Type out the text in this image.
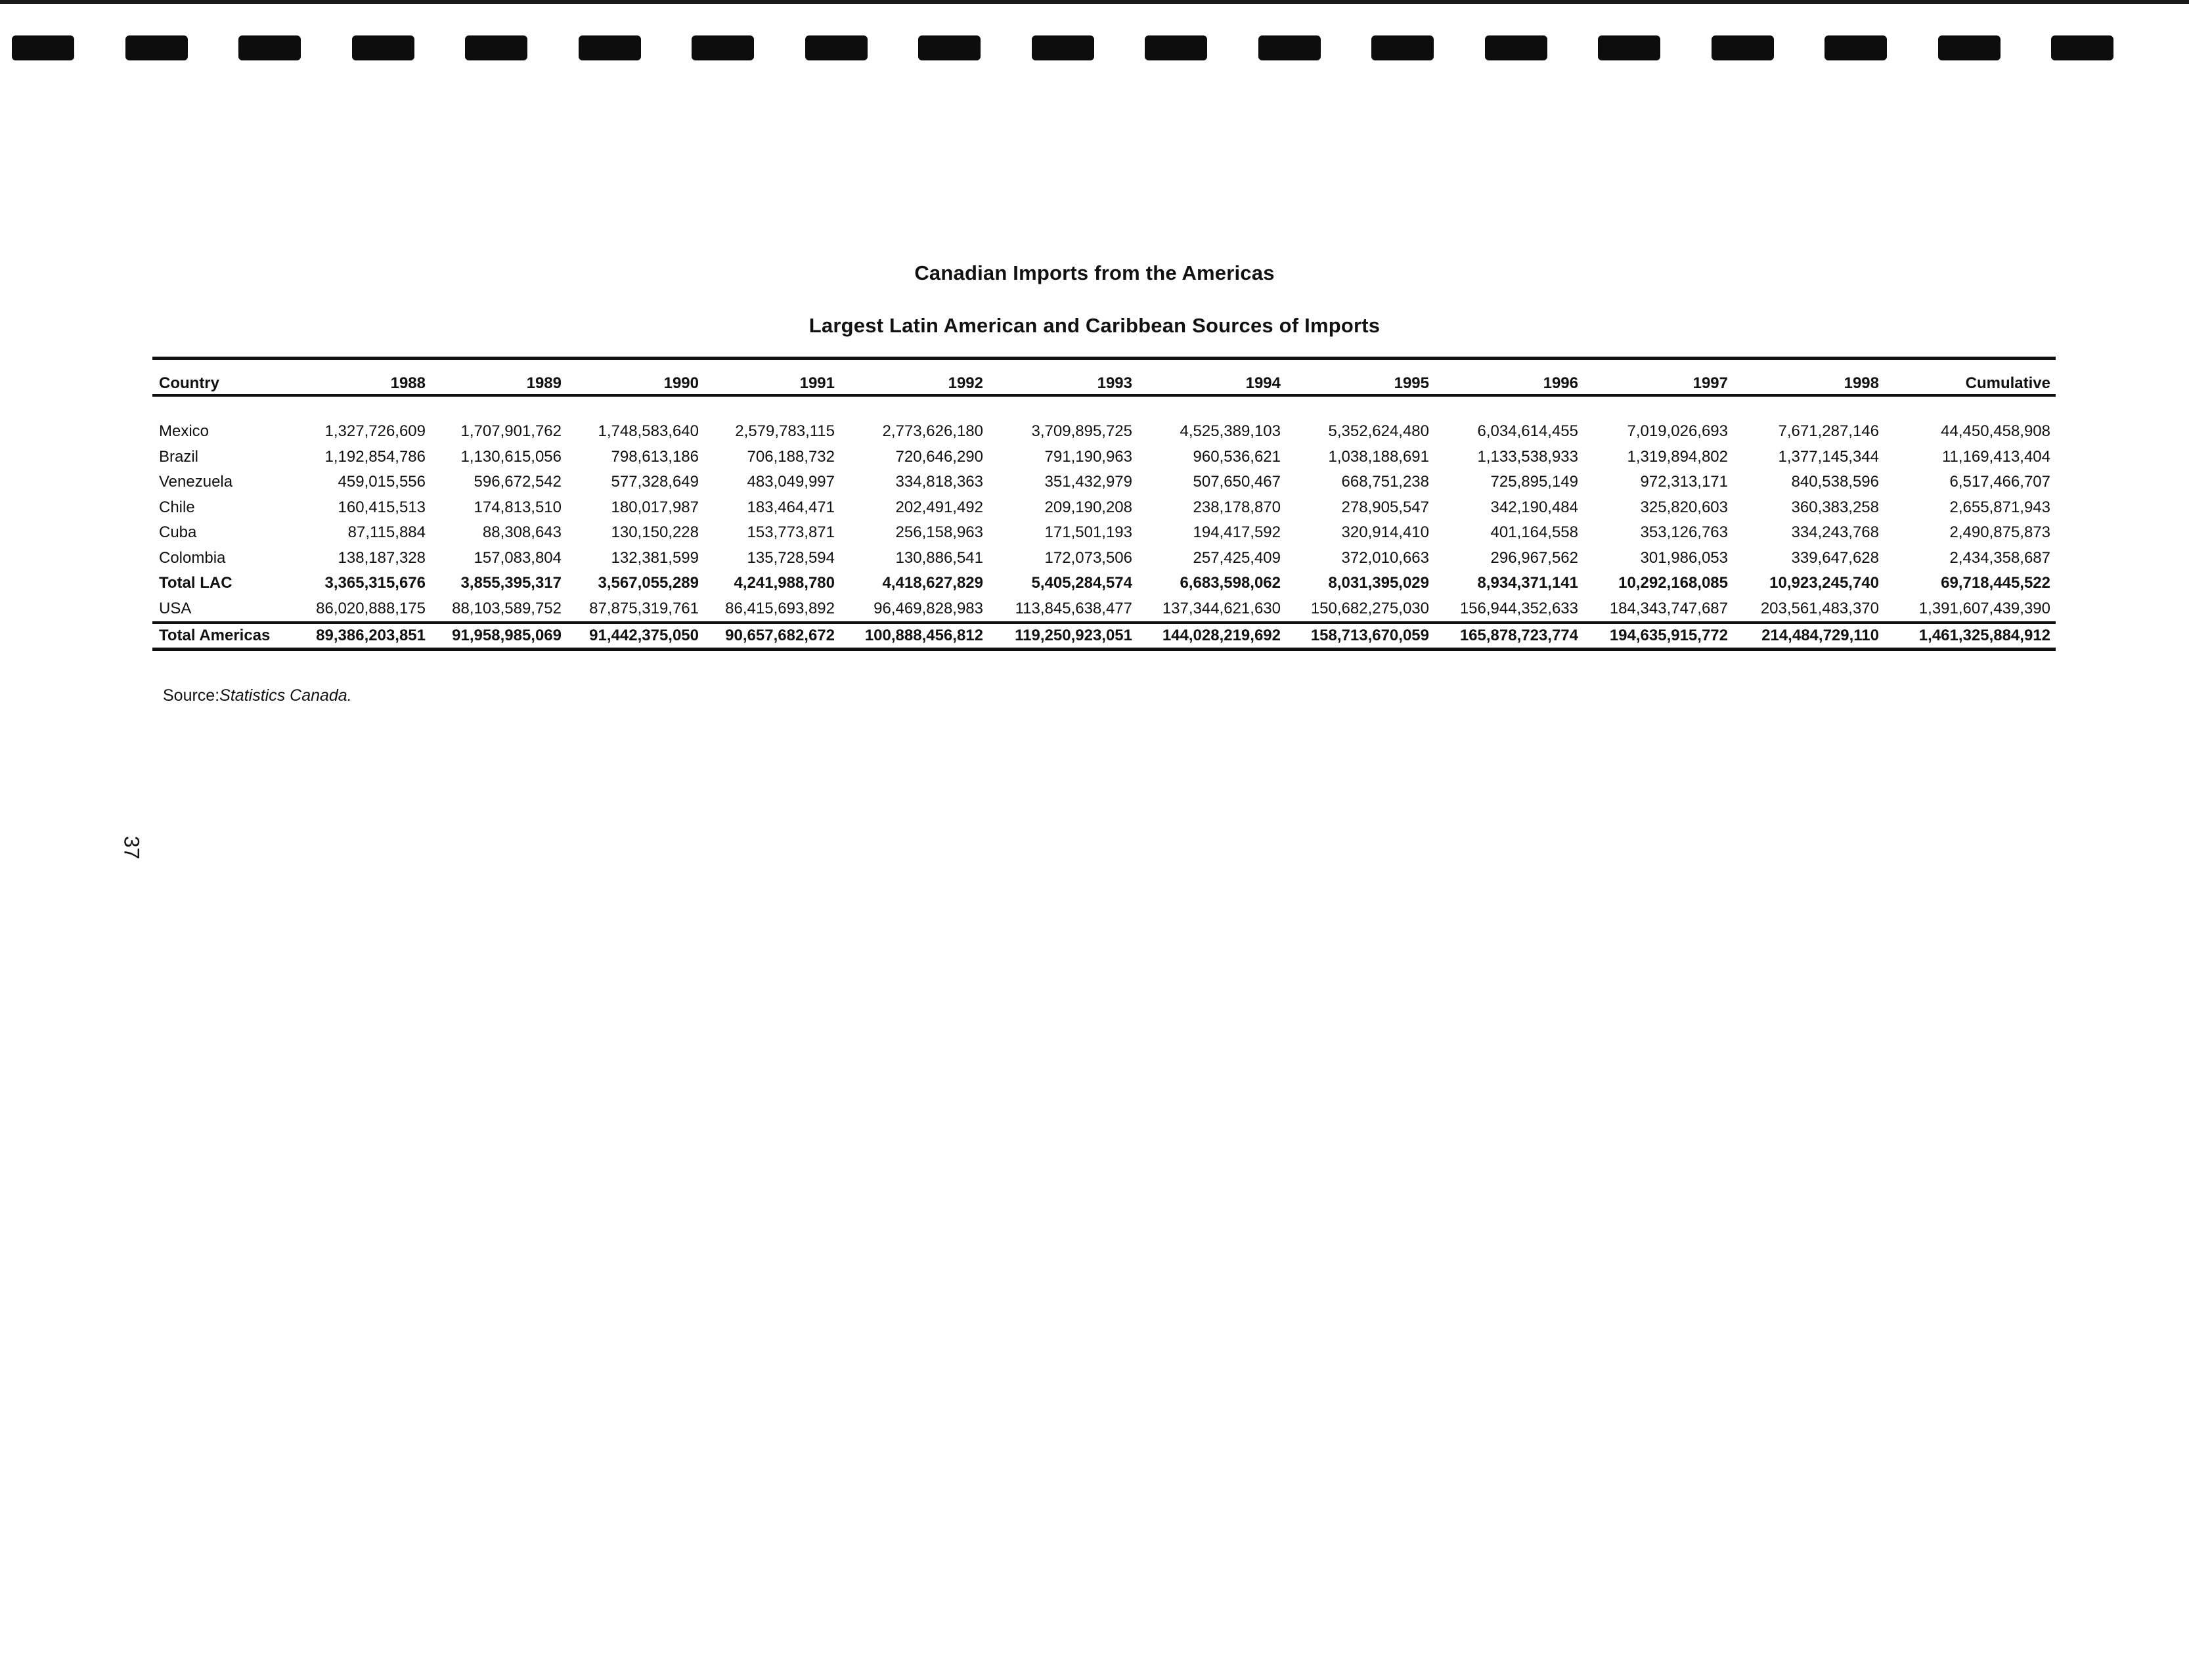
Canadian Imports from the Americas
Largest Latin American and Caribbean Sources of Imports
Country	1988	1989	1990	1991	1992	1993	1994	1995	1996	1997	1998	Cumulative

Mexico	1,327,726,609	1,707,901,762	1,748,583,640	2,579,783,115	2,773,626,180	3,709,895,725	4,525,389,103	5,352,624,480	6,034,614,455	7,019,026,693	7,671,287,146	44,450,458,908
Brazil	1,192,854,786	1,130,615,056	798,613,186	706,188,732	720,646,290	791,190,963	960,536,621	1,038,188,691	1,133,538,933	1,319,894,802	1,377,145,344	11,169,413,404
Venezuela	459,015,556	596,672,542	577,328,649	483,049,997	334,818,363	351,432,979	507,650,467	668,751,238	725,895,149	972,313,171	840,538,596	6,517,466,707
Chile	160,415,513	174,813,510	180,017,987	183,464,471	202,491,492	209,190,208	238,178,870	278,905,547	342,190,484	325,820,603	360,383,258	2,655,871,943
Cuba	87,115,884	88,308,643	130,150,228	153,773,871	256,158,963	171,501,193	194,417,592	320,914,410	401,164,558	353,126,763	334,243,768	2,490,875,873
Colombia	138,187,328	157,083,804	132,381,599	135,728,594	130,886,541	172,073,506	257,425,409	372,010,663	296,967,562	301,986,053	339,647,628	2,434,358,687
Total LAC	3,365,315,676	3,855,395,317	3,567,055,289	4,241,988,780	4,418,627,829	5,405,284,574	6,683,598,062	8,031,395,029	8,934,371,141	10,292,168,085	10,923,245,740	69,718,445,522
USA	86,020,888,175	88,103,589,752	87,875,319,761	86,415,693,892	96,469,828,983	113,845,638,477	137,344,621,630	150,682,275,030	156,944,352,633	184,343,747,687	203,561,483,370	1,391,607,439,390
Total Americas	89,386,203,851	91,958,985,069	91,442,375,050	90,657,682,672	100,888,456,812	119,250,923,051	144,028,219,692	158,713,670,059	165,878,723,774	194,635,915,772	214,484,729,110	1,461,325,884,912
Source:Statistics Canada.
37
